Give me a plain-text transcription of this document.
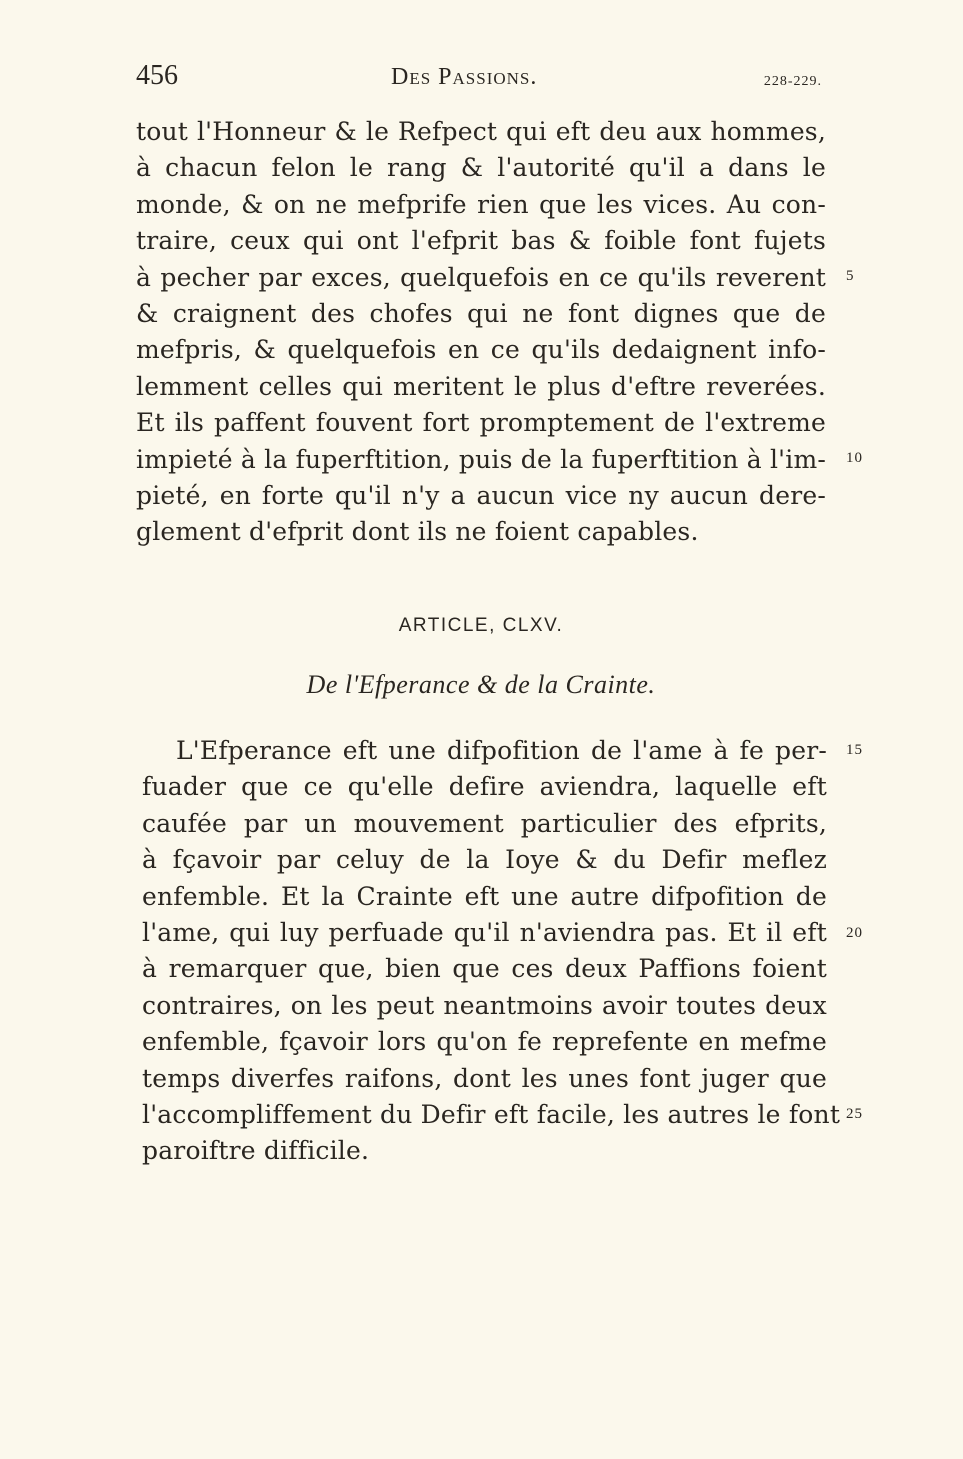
456	Des Passions.	228-229.
tout l'Honneur & le Refpect qui eft deu aux hommes,
à chacun felon le rang & l'autorité qu'il a dans le
monde, & on ne mefprife rien que les vices. Au con-
traire, ceux qui ont l'efprit bas & foible font fujets
à pecher par exces, quelquefois en ce qu'ils reverent
& craignent des chofes qui ne font dignes que de
mefpris, & quelquefois en ce qu'ils dedaignent info-
lemment celles qui meritent le plus d'eftre reverées.
Et ils paffent fouvent fort promptement de l'extreme
impieté à la fuperftition, puis de la fuperftition à l'im-
pieté, en forte qu'il n'y a aucun vice ny aucun dere-
glement d'efprit dont ils ne foient capables.
ARTICLE, CLXV.
De l'Efperance & de la Crainte.
L'Efperance eft une difpofition de l'ame à fe per-
fuader que ce qu'elle defire aviendra, laquelle eft
caufée par un mouvement particulier des efprits,
à fçavoir par celuy de la Ioye & du Defir meflez
enfemble. Et la Crainte eft une autre difpofition de
l'ame, qui luy perfuade qu'il n'aviendra pas. Et il eft
à remarquer que, bien que ces deux Paffions foient
contraires, on les peut neantmoins avoir toutes deux
enfemble, fçavoir lors qu'on fe reprefente en mefme
temps diverfes raifons, dont les unes font juger que
l'accompliffement du Defir eft facile, les autres le font
paroiftre difficile.
5
10
15
20
25
